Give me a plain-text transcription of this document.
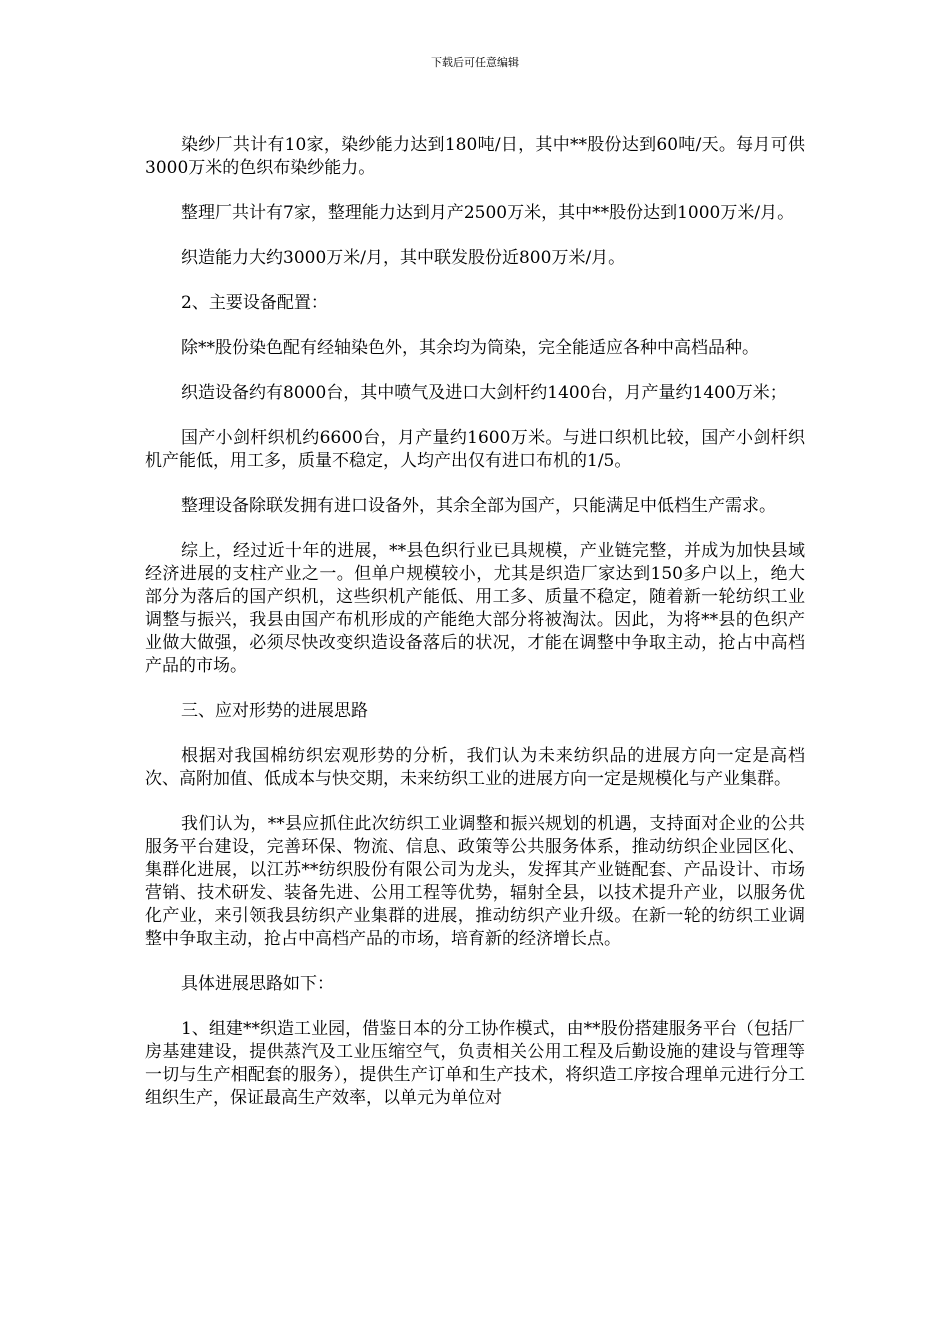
下载后可任意编辑

染纱厂共计有10家，染纱能力达到180吨/日，其中**股份达到60吨/天。每月可供3000万米的色织布染纱能力。

整理厂共计有7家，整理能力达到月产2500万米，其中**股份达到1000万米/月。

织造能力大约3000万米/月，其中联发股份近800万米/月。

2、主要设备配置：

除**股份染色配有经轴染色外，其余均为筒染，完全能适应各种中高档品种。

织造设备约有8000台，其中喷气及进口大剑杆约1400台，月产量约1400万米；

国产小剑杆织机约6600台，月产量约1600万米。与进口织机比较，国产小剑杆织机产能低，用工多，质量不稳定，人均产出仅有进口布机的1/5。

整理设备除联发拥有进口设备外，其余全部为国产，只能满足中低档生产需求。

综上，经过近十年的进展，**县色织行业已具规模，产业链完整，并成为加快县域经济进展的支柱产业之一。但单户规模较小，尤其是织造厂家达到150多户以上，绝大部分为落后的国产织机，这些织机产能低、用工多、质量不稳定，随着新一轮纺织工业调整与振兴，我县由国产布机形成的产能绝大部分将被淘汰。因此，为将**县的色织产业做大做强，必须尽快改变织造设备落后的状况，才能在调整中争取主动，抢占中高档产品的市场。

三、应对形势的进展思路

根据对我国棉纺织宏观形势的分析，我们认为未来纺织品的进展方向一定是高档次、高附加值、低成本与快交期，未来纺织工业的进展方向一定是规模化与产业集群。

我们认为，**县应抓住此次纺织工业调整和振兴规划的机遇，支持面对企业的公共服务平台建设，完善环保、物流、信息、政策等公共服务体系，推动纺织企业园区化、集群化进展，以江苏**纺织股份有限公司为龙头，发挥其产业链配套、产品设计、市场营销、技术研发、装备先进、公用工程等优势，辐射全县，以技术提升产业，以服务优化产业，来引领我县纺织产业集群的进展，推动纺织产业升级。在新一轮的纺织工业调整中争取主动，抢占中高档产品的市场，培育新的经济增长点。

具体进展思路如下：

1、组建**织造工业园，借鉴日本的分工协作模式，由**股份搭建服务平台（包括厂房基建建设，提供蒸汽及工业压缩空气，负责相关公用工程及后勤设施的建设与管理等一切与生产相配套的服务），提供生产订单和生产技术，将织造工序按合理单元进行分工组织生产，保证最高生产效率，以单元为单位对
